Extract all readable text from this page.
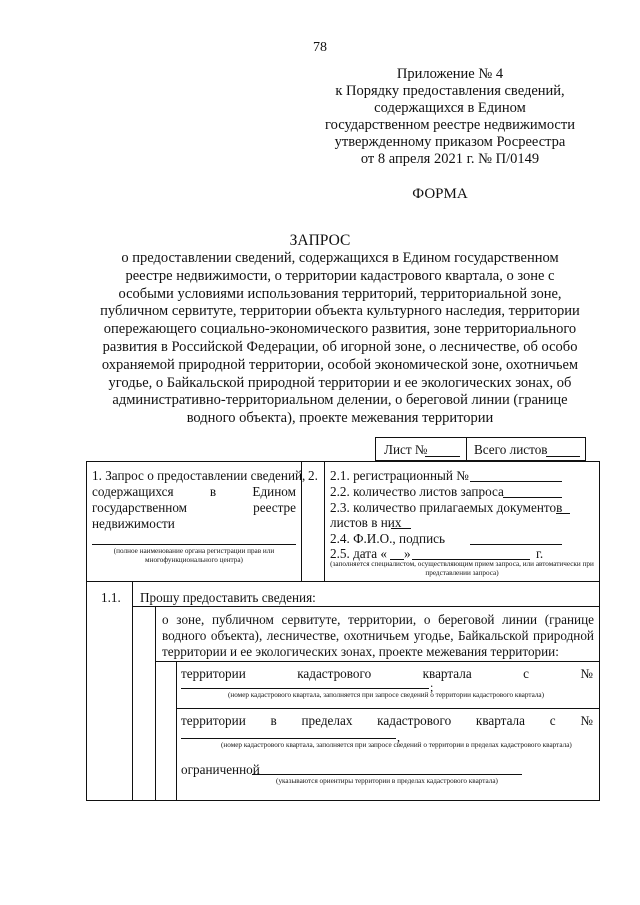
78
Приложение № 4
к Порядку предоставления сведений,
содержащихся в Едином
государственном реестре недвижимости
утвержденному приказом Росреестра
от 8 апреля 2021 г. № П/0149
ФОРМА
ЗАПРОС
о предоставлении сведений, содержащихся в Едином государственном реестре недвижимости, о территории кадастрового квартала, о зоне с особыми условиями использования территорий, территориальной зоне, публичном сервитуте, территории объекта культурного наследия, территории опережающего социально-экономического развития, зоне территориального развития в Российской Федерации, об игорной зоне, о лесничестве, об особо охраняемой природной территории, особой экономической зоне, охотничьем угодье, о Байкальской природной территории и ее экологических зонах, об административно-территориальном делении, о береговой линии (границе водного объекта), проекте межевания территории
Лист №	Всего листов
1. Запрос о предоставлении сведений,
содержащихся	в	Едином
государственном	реестре
недвижимости
(полное наименование органа регистрации прав или многофункционального центра)
2. 2.1. регистрационный №
2.2. количество листов запроса
2.3. количество прилагаемых документов
листов в них
2.4. Ф.И.О., подпись
2.5. дата « »	г.
(заполняется специалистом, осуществляющим прием запроса, или автоматически при представлении запроса)
1.1. Прошу предоставить сведения:
о зоне, публичном сервитуте, территории, о береговой линии (границе водного объекта), лесничестве, охотничьем угодье, Байкальской природной территории и ее экологических зонах, проекте межевания территории:
территории	кадастрового	квартала	с	№
;
(номер кадастрового квартала, заполняется при запросе сведений о территории кадастрового квартала)
территории в пределах кадастрового квартала с №
,
(номер кадастрового квартала, заполняется при запросе сведений о территории в пределах кадастрового квартала)
ограниченной
(указываются ориентиры территории в пределах кадастрового квартала)
